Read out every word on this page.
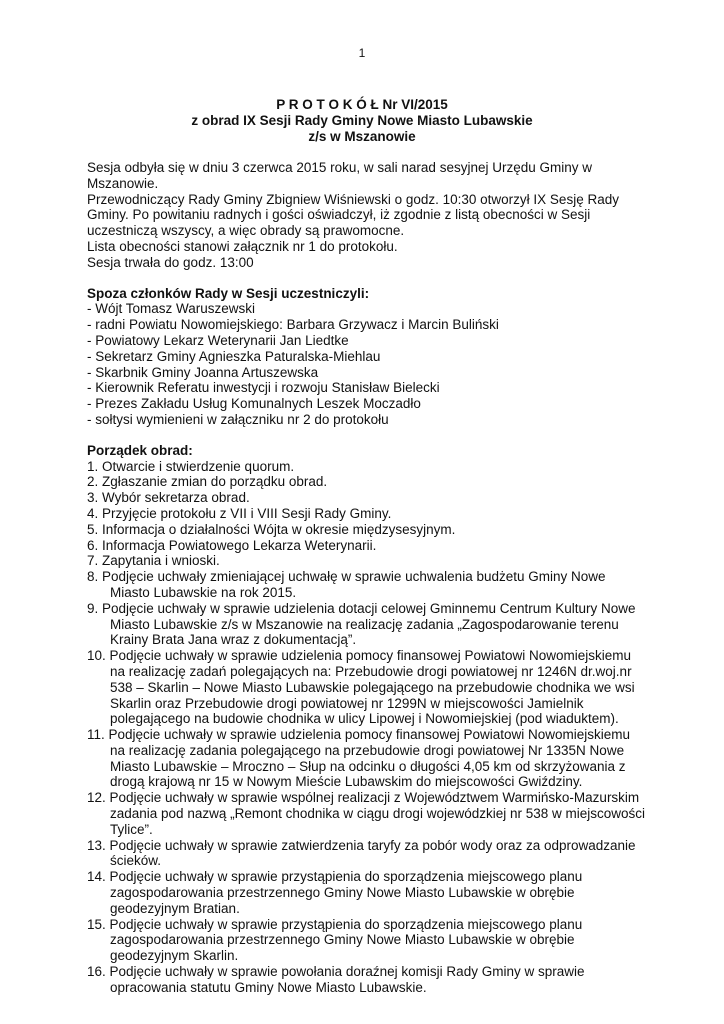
1
P R O T O K Ó Ł Nr VI/2015
z obrad IX Sesji Rady Gminy Nowe Miasto Lubawskie
z/s w Mszanowie

Sesja odbyła się w dniu 3 czerwca 2015 roku, w sali narad sesyjnej Urzędu Gminy w Mszanowie.

Przewodniczący Rady Gminy Zbigniew Wiśniewski o godz. 10:30 otworzył IX Sesję Rady Gminy. Po powitaniu radnych i gości oświadczył, iż zgodnie z listą obecności w Sesji uczestniczą wszyscy, a więc obrady są prawomocne.

Lista obecności stanowi załącznik nr 1 do protokołu.

Sesja trwała do godz. 13:00

Spoza członków Rady w Sesji uczestniczyli:

- Wójt Tomasz Waruszewski
- radni Powiatu Nowomiejskiego: Barbara Grzywacz i Marcin Buliński
- Powiatowy Lekarz Weterynarii Jan Liedtke
- Sekretarz Gminy Agnieszka Paturalska-Miehlau
- Skarbnik Gminy Joanna Artuszewska
- Kierownik Referatu inwestycji i rozwoju Stanisław Bielecki
- Prezes Zakładu Usług Komunalnych Leszek Moczadło
- sołtysi wymienieni w załączniku nr 2 do protokołu

Porządek obrad:

1. Otwarcie i stwierdzenie quorum.
2. Zgłaszanie zmian do porządku obrad.
3. Wybór sekretarza obrad.
4. Przyjęcie protokołu z VII i VIII Sesji Rady Gminy.
5. Informacja o działalności Wójta w okresie międzysesyjnym.
6. Informacja Powiatowego Lekarza Weterynarii.
7. Zapytania i wnioski.
8. Podjęcie uchwały zmieniającej uchwałę w sprawie uchwalenia budżetu Gminy Nowe Miasto Lubawskie na rok 2015.
9. Podjęcie uchwały w sprawie udzielenia dotacji celowej Gminnemu Centrum Kultury Nowe Miasto Lubawskie z/s w Mszanowie na realizację zadania „Zagospodarowanie terenu Krainy Brata Jana wraz z dokumentacją”.
10. Podjęcie uchwały w sprawie udzielenia pomocy finansowej Powiatowi Nowomiejskiemu na realizację zadań polegających na: Przebudowie drogi powiatowej nr 1246N dr.woj.nr 538 – Skarlin – Nowe Miasto Lubawskie polegającego na przebudowie chodnika we wsi Skarlin oraz Przebudowie drogi powiatowej nr 1299N w miejscowości Jamielnik polegającego na budowie chodnika w ulicy Lipowej i Nowomiejskiej (pod wiaduktem).
11. Podjęcie uchwały w sprawie udzielenia pomocy finansowej Powiatowi Nowomiejskiemu na realizację zadania polegającego na przebudowie drogi powiatowej Nr 1335N Nowe Miasto Lubawskie – Mroczno – Słup na odcinku o długości 4,05 km od skrzyżowania z drogą krajową nr 15 w Nowym Mieście Lubawskim do miejscowości Gwiździny.
12. Podjęcie uchwały w sprawie wspólnej realizacji z Województwem Warmińsko-Mazurskim zadania pod nazwą „Remont chodnika w ciągu drogi wojewódzkiej nr 538 w miejscowości Tylice”.
13. Podjęcie uchwały w sprawie zatwierdzenia taryfy za pobór wody oraz za odprowadzanie ścieków.
14. Podjęcie uchwały w sprawie przystąpienia do sporządzenia miejscowego planu zagospodarowania przestrzennego Gminy Nowe Miasto Lubawskie w obrębie geodezyjnym Bratian.
15. Podjęcie uchwały w sprawie przystąpienia do sporządzenia miejscowego planu zagospodarowania przestrzennego Gminy Nowe Miasto Lubawskie w obrębie geodezyjnym Skarlin.
16. Podjęcie uchwały w sprawie powołania doraźnej komisji Rady Gminy w sprawie opracowania statutu Gminy Nowe Miasto Lubawskie.
